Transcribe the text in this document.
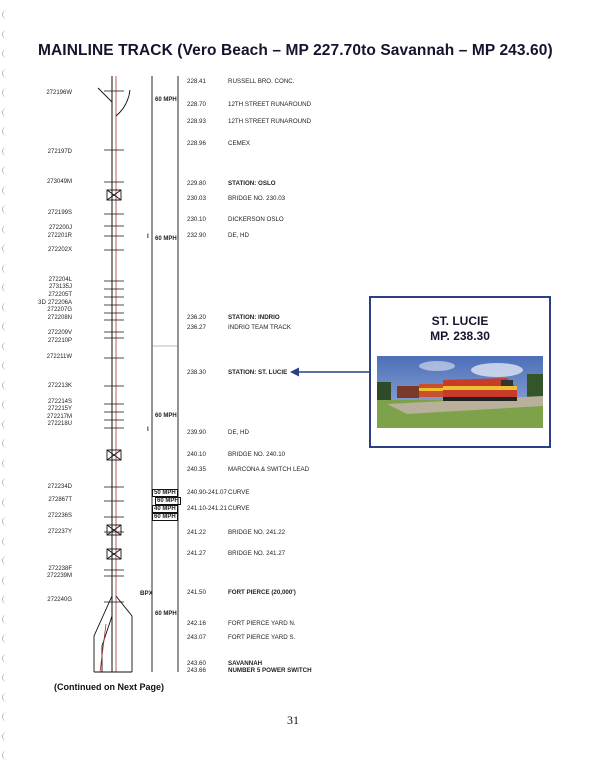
MAINLINE TRACK (Vero Beach – MP 227.70to Savannah – MP 243.60)
60 MPH
60 MPH
60 MPH
50 MPH
60 MPH
40 MPH
60 MPH
60 MPH
I
I
BPX
3D
272196W
272197D
273049M
272199S
272200J
272201R
272202X
272204L
273135J
272205T
272206A
272207G
272208N
272209V
272210P
272211W
272213K
272214S
272215Y
272217M
272218U
272234D
272867T
272236S
272237Y
272238F
272239M
272240G
228.41	RUSSELL BRO. CONC.
228.70	12TH STREET RUNAROUND
228.93	12TH STREET RUNAROUND
228.96	CEMEX
229.80	STATION: OSLO
230.03	BRIDGE NO. 230.03
230.10	DICKERSON OSLO
232.90	DE, HD
236.20	STATION: INDRIO
236.27	INDRIO TEAM TRACK
238.30	STATION: ST. LUCIE
239.90	DE, HD
240.10	BRIDGE NO. 240.10
240.35	MARCONA & SWITCH LEAD
240.90-241.07 CURVE
241.10-241.21 CURVE
241.22	BRIDGE NO. 241.22
241.27	BRIDGE NO. 241.27
241.50	FORT PIERCE (20,000')
242.16	FORT PIERCE YARD N.
243.07	FORT PIERCE YARD S.
243.60	SAVANNAH
243.66	NUMBER 5 POWER SWITCH
ST. LUCIE
MP. 238.30
(Continued on Next Page)
31
